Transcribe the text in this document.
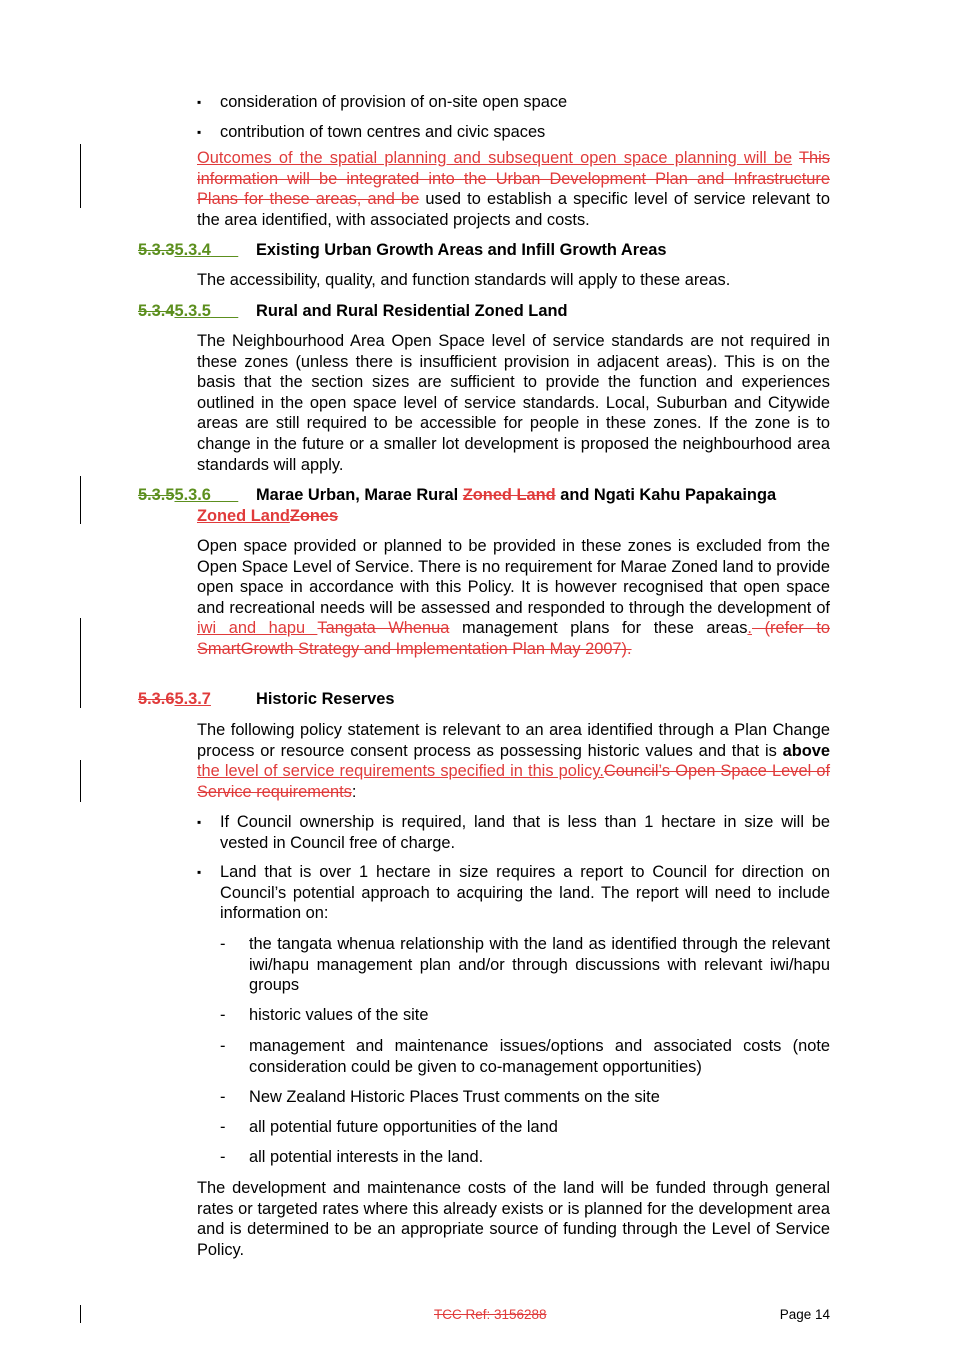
▪	consideration of provision of on-site open space
▪	contribution of town centres and civic spaces
Outcomes of the spatial planning and subsequent open space planning will be This information will be integrated into the Urban Development Plan and Infrastructure Plans for these areas, and be used to establish a specific level of service relevant to the area identified, with associated projects and costs.
5.3.35.3.4	Existing Urban Growth Areas and Infill Growth Areas
The accessibility, quality, and function standards will apply to these areas.
5.3.45.3.5	Rural and Rural Residential Zoned Land
The Neighbourhood Area Open Space level of service standards are not required in these zones (unless there is insufficient provision in adjacent areas). This is on the basis that the section sizes are sufficient to provide the function and experiences outlined in the open space level of service standards. Local, Suburban and Citywide areas are still required to be accessible for people in these zones. If the zone is to change in the future or a smaller lot development is proposed the neighbourhood area standards will apply.
5.3.55.3.6	Marae Urban, Marae Rural Zoned Land and Ngati Kahu Papakainga
Zoned LandZones
Open space provided or planned to be provided in these zones is excluded from the Open Space Level of Service. There is no requirement for Marae Zoned land to provide open space in accordance with this Policy. It is however recognised that open space and recreational needs will be assessed and responded to through the development of iwi and hapu Tangata Whenua management plans for these areas. (refer to SmartGrowth Strategy and Implementation Plan May 2007).
5.3.65.3.7	Historic Reserves
The following policy statement is relevant to an area identified through a Plan Change process or resource consent process as possessing historic values and that is above the level of service requirements specified in this policy.Council’s Open Space Level of Service requirements:
▪	If Council ownership is required, land that is less than 1 hectare in size will be vested in Council free of charge.
▪	Land that is over 1 hectare in size requires a report to Council for direction on Council’s potential approach to acquiring the land. The report will need to include information on:
-	the tangata whenua relationship with the land as identified through the relevant iwi/hapu management plan and/or through discussions with relevant iwi/hapu groups
-	historic values of the site
-	management and maintenance issues/options and associated costs (note consideration could be given to co-management opportunities)
-	New Zealand Historic Places Trust comments on the site
-	all potential future opportunities of the land
-	all potential interests in the land.
The development and maintenance costs of the land will be funded through general rates or targeted rates where this already exists or is planned for the development area and is determined to be an appropriate source of funding through the Level of Service Policy.
TCC Ref: 3156288	Page 14
